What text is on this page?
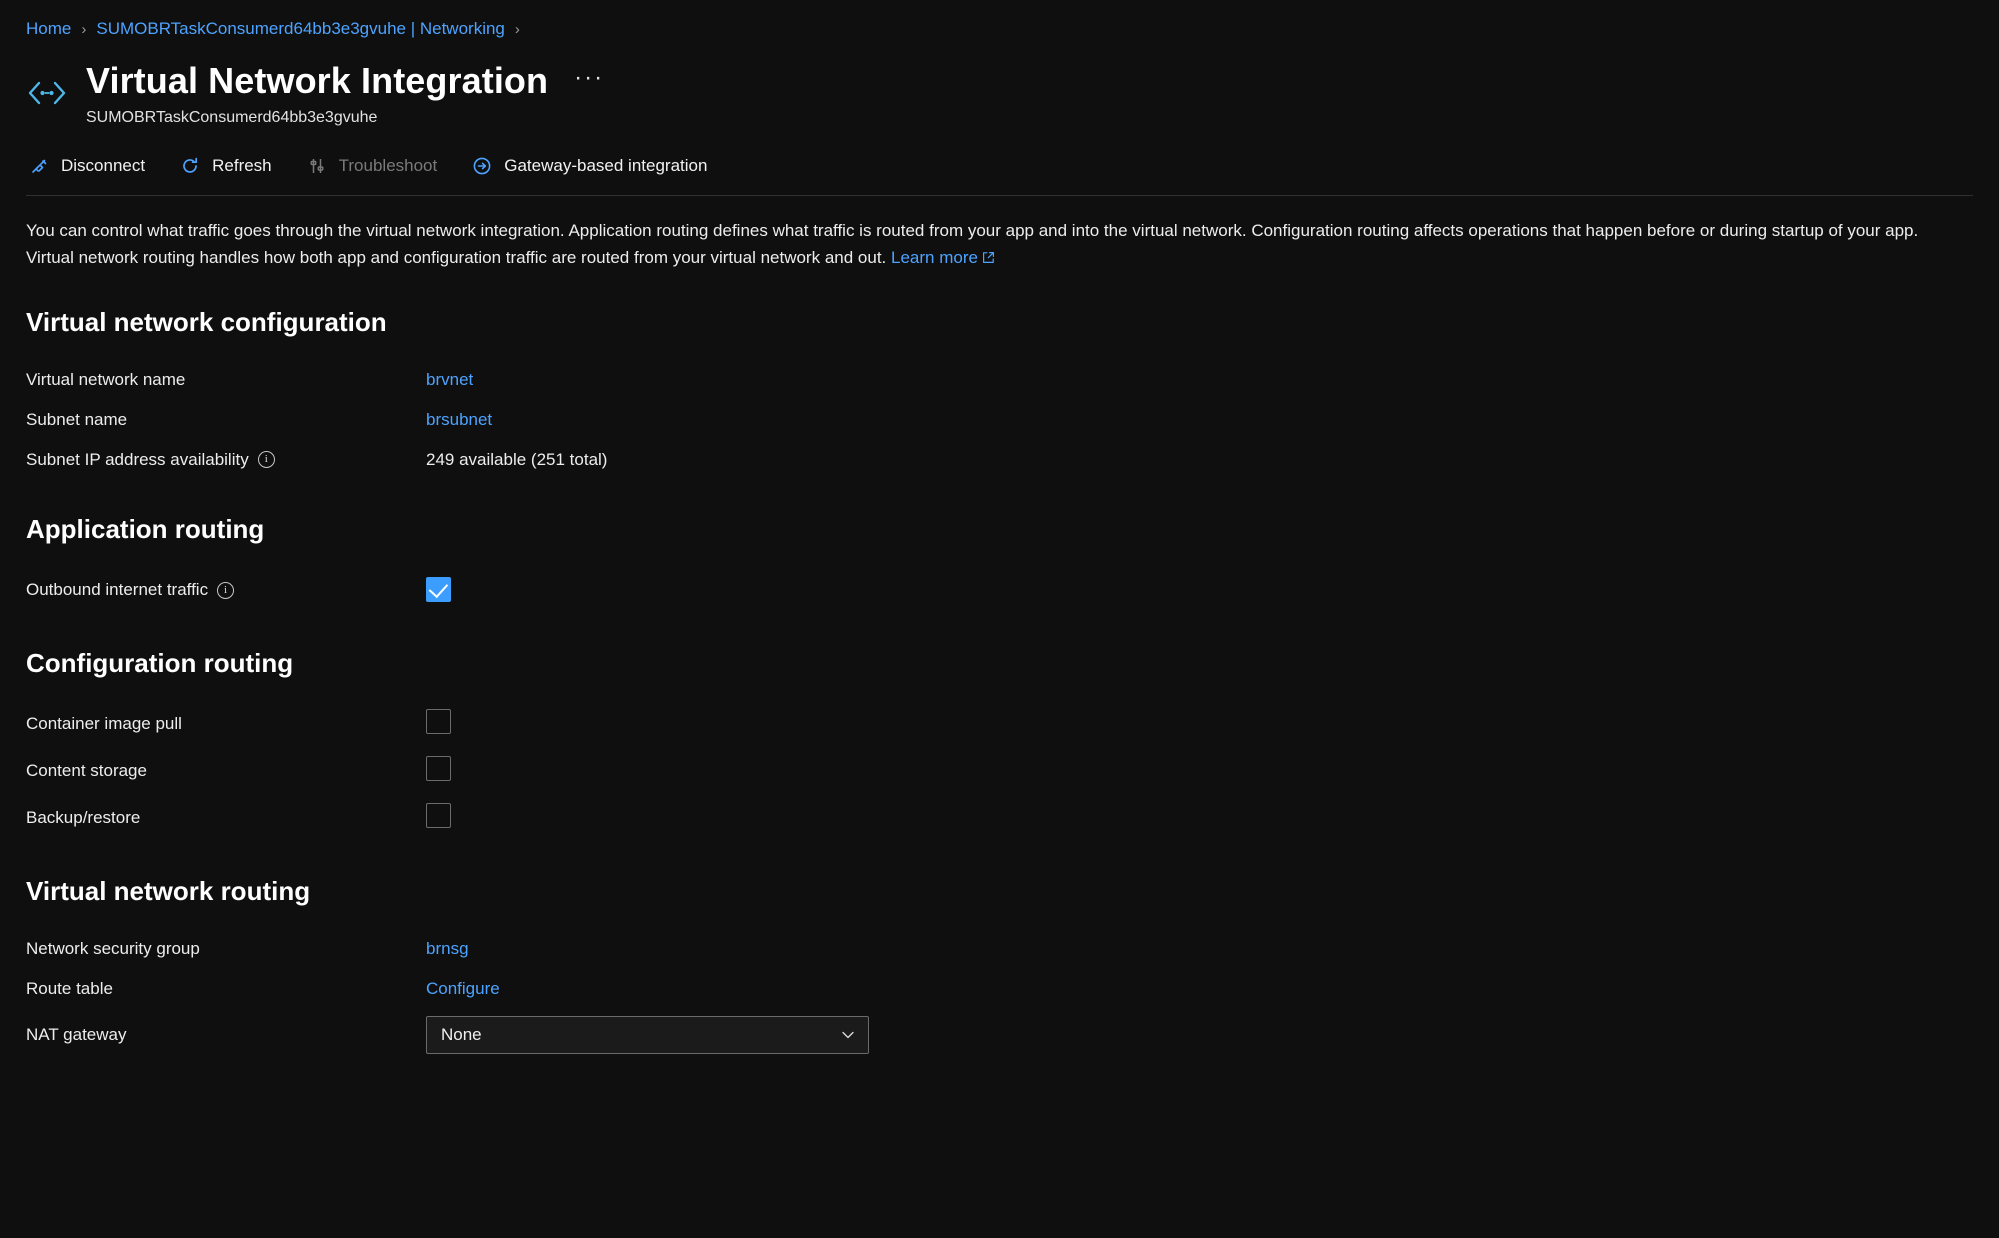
Home › SUMOBRTaskConsumerd64bb3e3gvuhe | Networking ›
Virtual Network Integration ···
SUMOBRTaskConsumerd64bb3e3gvuhe
Disconnect	Refresh	Troubleshoot	Gateway-based integration
You can control what traffic goes through the virtual network integration. Application routing defines what traffic is routed from your app and into the virtual network. Configuration routing affects operations that happen before or during startup of your app. Virtual network routing handles how both app and configuration traffic are routed from your virtual network and out. Learn more
Virtual network configuration
Virtual network name	brvnet
Subnet name	brsubnet
Subnet IP address availability	i	249 available (251 total)
Application routing
Outbound internet traffic	i
Configuration routing
Container image pull
Content storage
Backup/restore
Virtual network routing
Network security group	brnsg
Route table	Configure
NAT gateway	None
